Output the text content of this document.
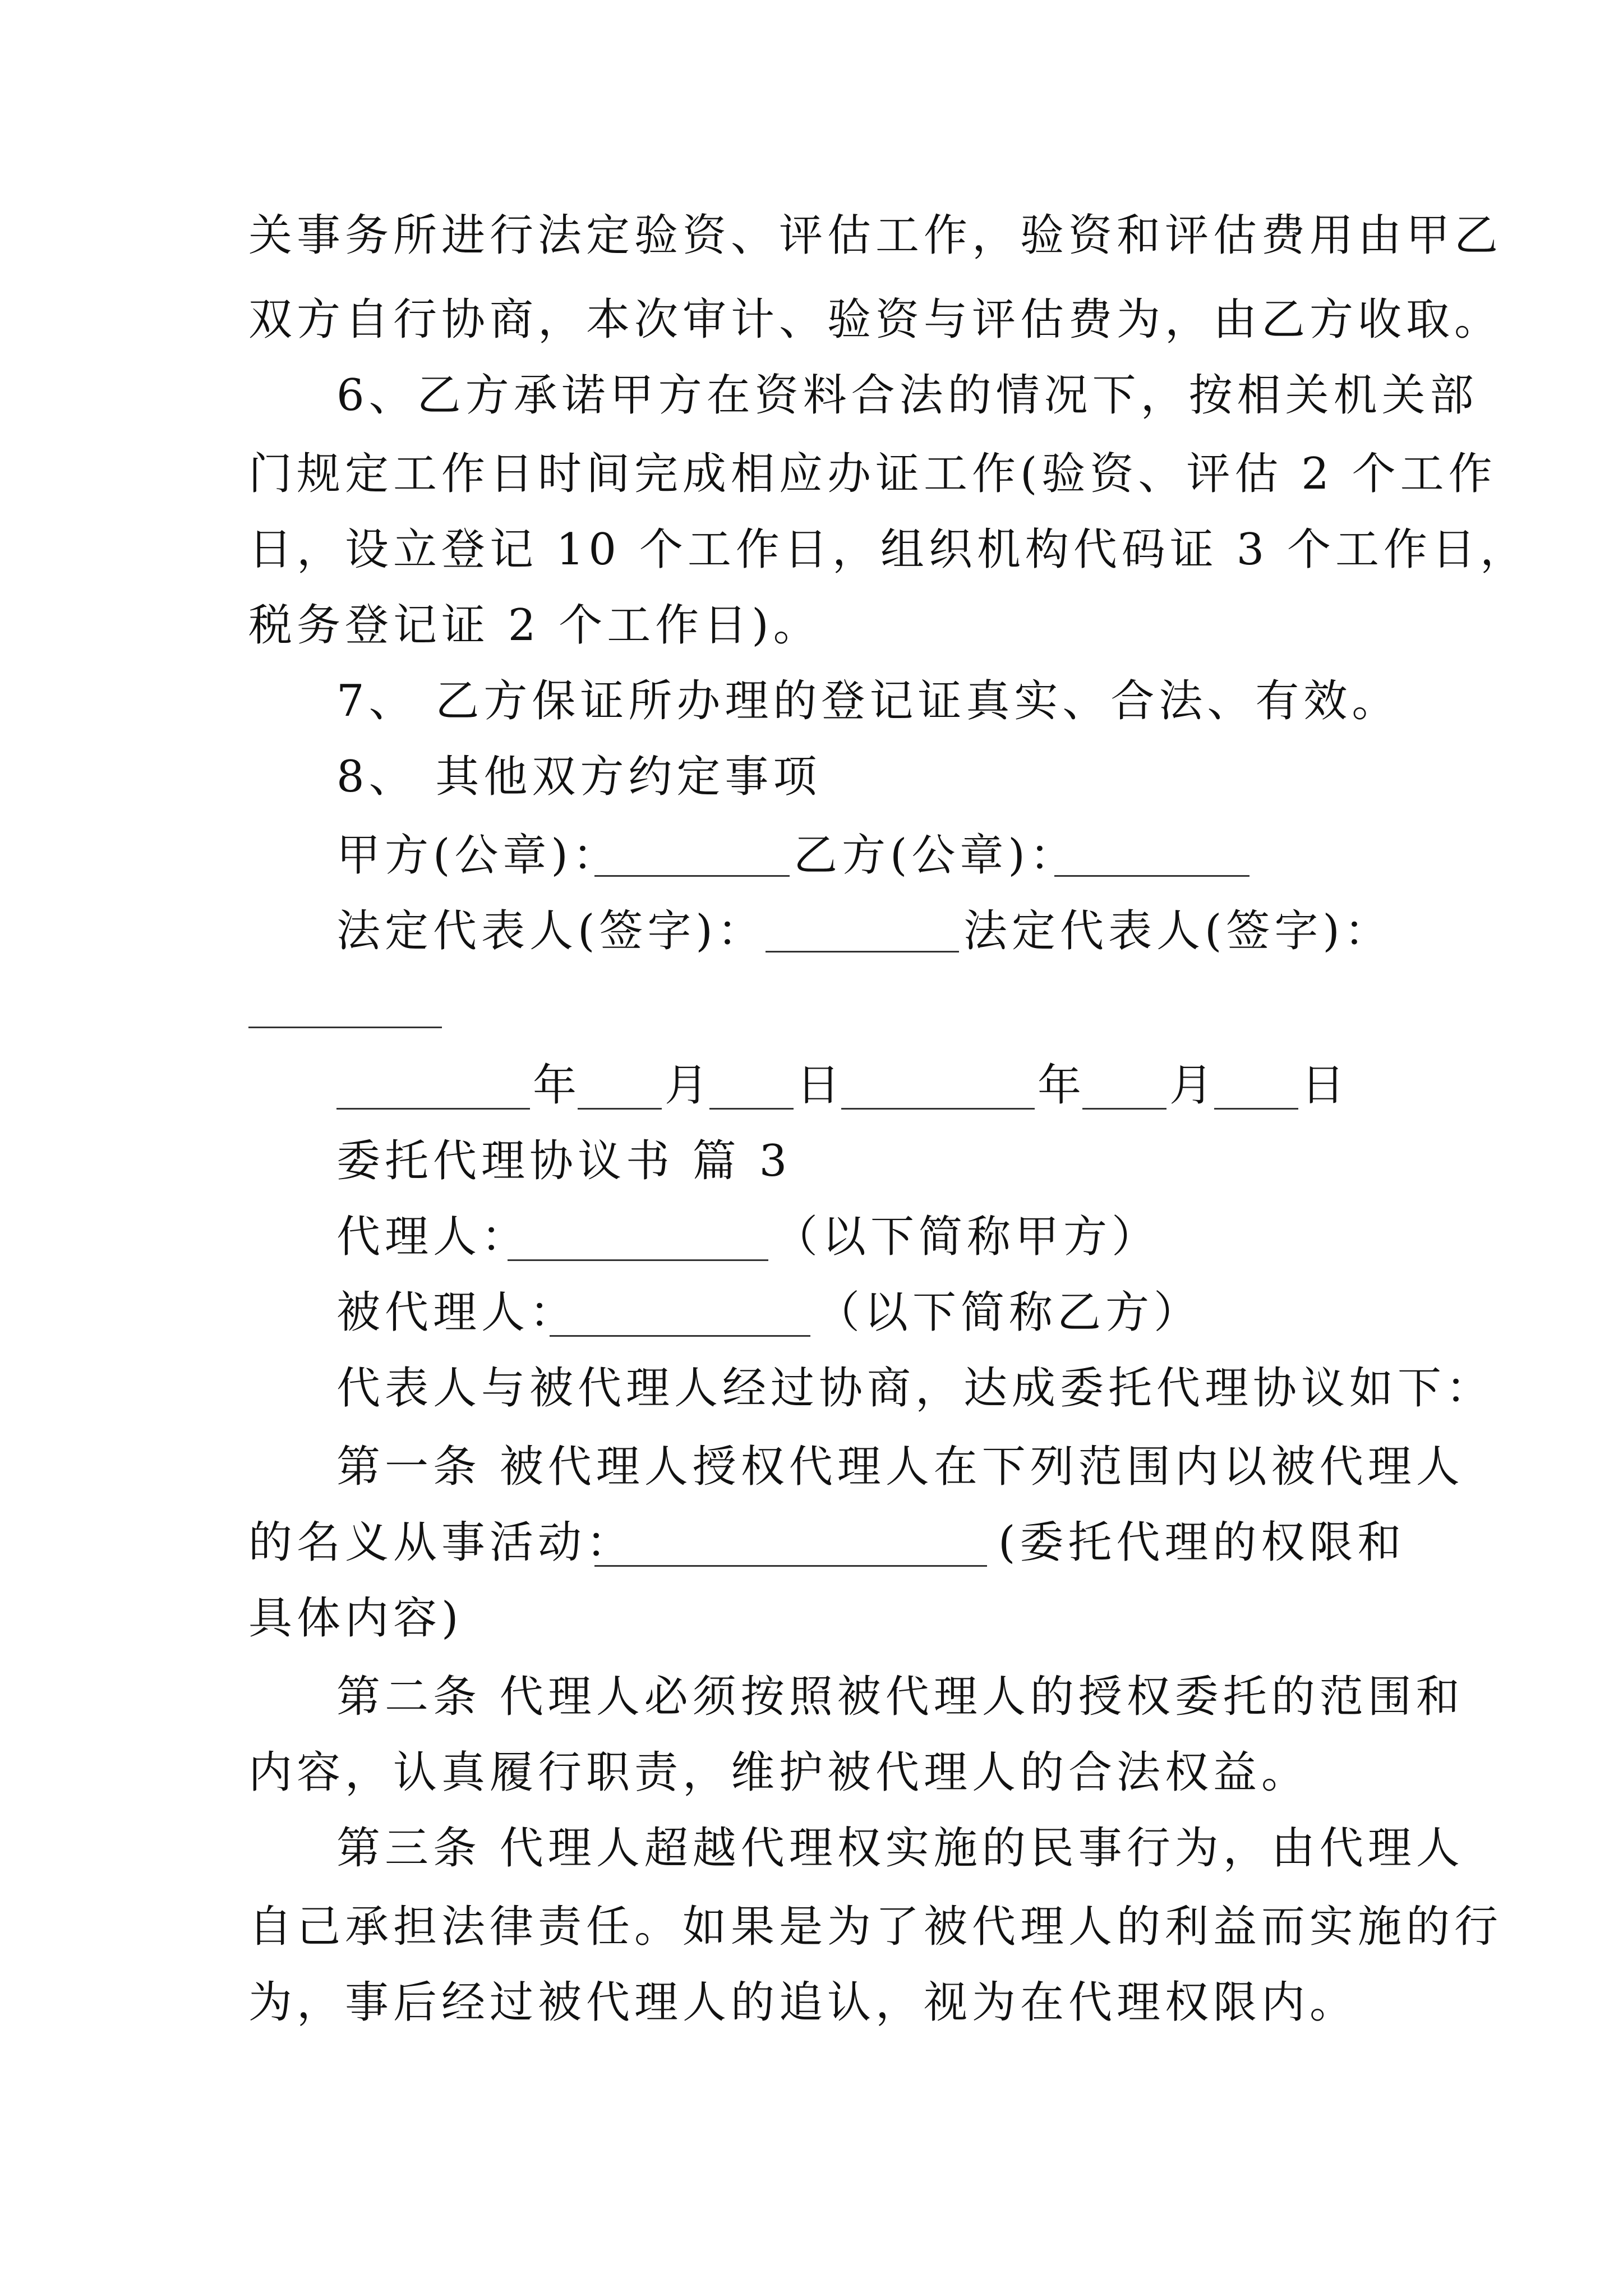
关事务所进行法定验资、评估工作，验资和评估费用由甲乙

双方自行协商，本次审计、验资与评估费为，由乙方收取。

6、乙方承诺甲方在资料合法的情况下，按相关机关部

门规定工作日时间完成相应办证工作(验资、评估 2 个工作

日，设立登记 10 个工作日，组织机构代码证 3 个工作日，

税务登记证 2 个工作日)。

7、 乙方保证所办理的登记证真实、合法、有效。

8、 其他双方约定事项

甲方(公章)：	乙方(公章)：

法定代表人(签字)：	法定代表人(签字)：

年 月 日	年 月 日

委托代理协议书 篇 3

代理人：	（以下简称甲方）

被代理人：	（以下简称乙方）

代表人与被代理人经过协商，达成委托代理协议如下：

第一条 被代理人授权代理人在下列范围内以被代理人

的名义从事活动：	(委托代理的权限和

具体内容)

第二条 代理人必须按照被代理人的授权委托的范围和

内容，认真履行职责，维护被代理人的合法权益。

第三条 代理人超越代理权实施的民事行为，由代理人

自己承担法律责任。如果是为了被代理人的利益而实施的行

为，事后经过被代理人的追认，视为在代理权限内。
